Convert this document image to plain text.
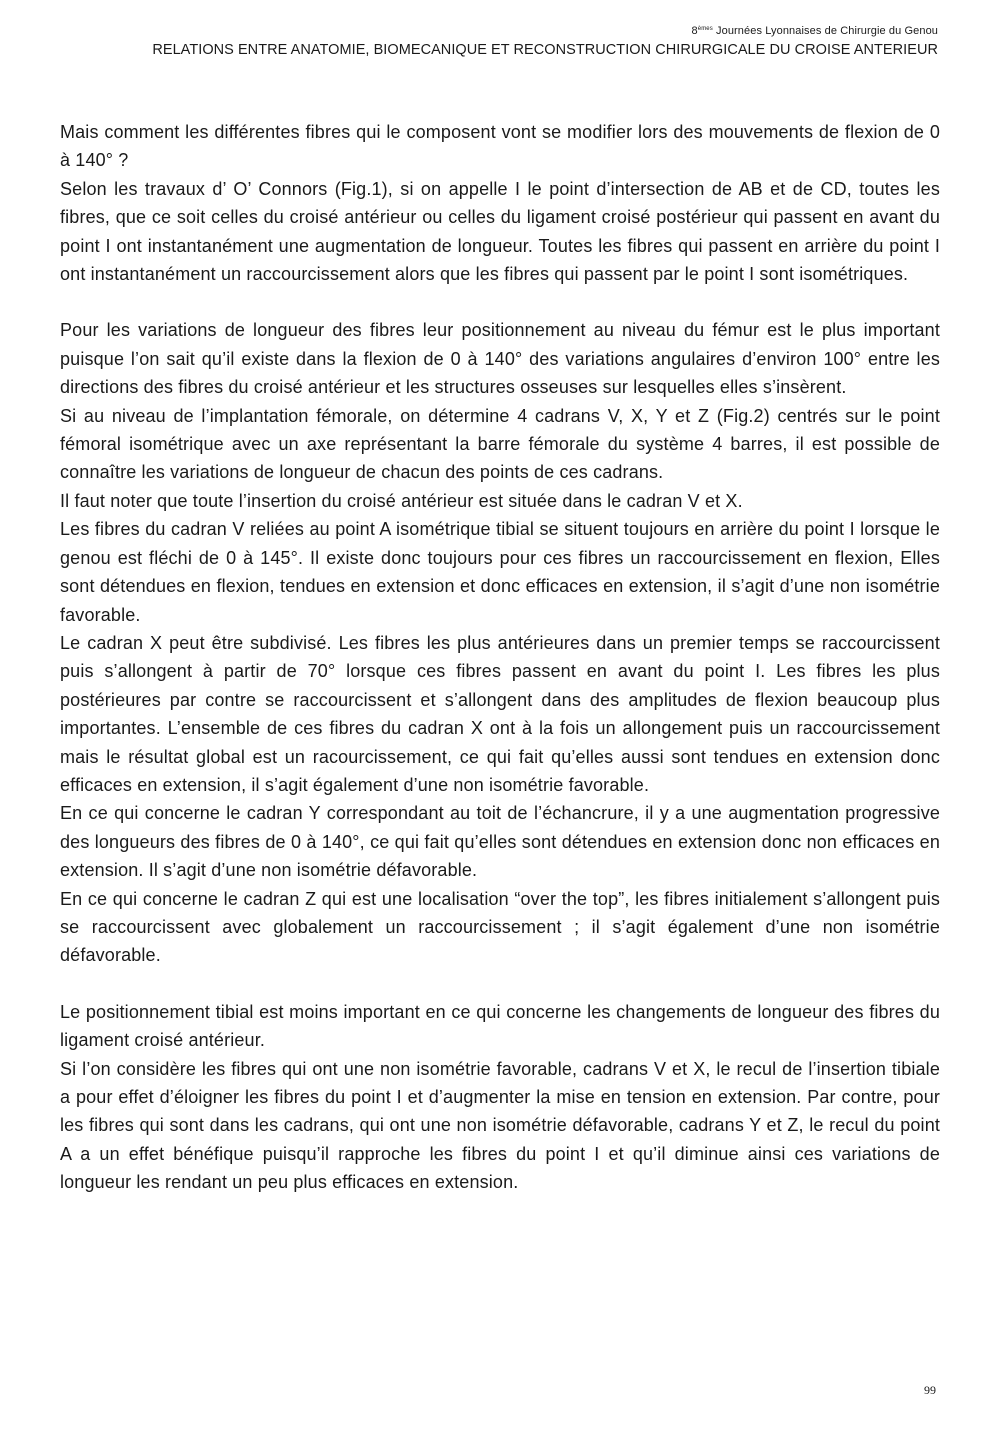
8èmes Journées Lyonnaises de Chirurgie du Genou
RELATIONS ENTRE ANATOMIE, BIOMECANIQUE ET RECONSTRUCTION CHIRURGICALE DU CROISE ANTERIEUR

Mais comment les différentes fibres qui le composent vont se modifier lors des mouvements de flexion de 0 à 140° ?

Selon les travaux d’ O’ Connors (Fig.1), si on appelle I le point d’intersection de AB et de CD, toutes les fibres, que ce soit celles du croisé antérieur ou celles du ligament croisé postérieur qui passent en avant du point I ont instantanément une augmentation de longueur. Toutes les fibres qui passent en arrière du point I ont instantanément un raccourcissement alors que les fibres qui passent par le point I sont isométriques.

Pour les variations de longueur des fibres leur positionnement au niveau du fémur est le plus important puisque l’on sait qu’il existe dans la flexion de 0 à 140° des variations angulaires d’environ 100° entre les directions des fibres du croisé antérieur et les structures osseuses sur lesquelles elles s’insèrent.

Si au niveau de l’implantation fémorale, on détermine 4 cadrans V, X, Y et Z (Fig.2) centrés sur le point fémoral isométrique avec un axe représentant la barre fémorale du système 4 barres, il est possible de connaître les variations de longueur de chacun des points de ces cadrans.

Il faut noter que toute l’insertion du croisé antérieur est située dans le cadran V et X.

Les fibres du cadran V reliées au point A isométrique tibial se situent toujours en arrière du point I lorsque le genou est fléchi de 0 à 145°. Il existe donc toujours pour ces fibres un raccourcissement en flexion, Elles sont détendues en flexion, tendues en extension et donc efficaces en extension, il s’agit d’une non isométrie favorable.

Le cadran X peut être subdivisé. Les fibres les plus antérieures dans un premier temps se raccourcissent puis s’allongent à partir de 70° lorsque ces fibres passent en avant du point I. Les fibres les plus postérieures par contre se raccourcissent et s’allongent dans des amplitudes de flexion beaucoup plus importantes. L’ensemble de ces fibres du cadran X ont à la fois un allongement puis un raccourcissement mais le résultat global est un racourcissement, ce qui fait qu’elles aussi sont tendues en extension donc efficaces en extension, il s’agit également d’une non isométrie favorable.

En ce qui concerne le cadran Y correspondant au toit de l’échancrure, il y a une augmentation progressive des longueurs des fibres de 0 à 140°, ce qui fait qu’elles sont détendues en extension donc non efficaces en extension. Il s’agit d’une non isométrie défavorable.

En ce qui concerne le cadran Z qui est une localisation “over the top”, les fibres initialement s’allongent puis se raccourcissent avec globalement un raccourcissement ; il s’agit également d’une non isométrie défavorable.

Le positionnement tibial est moins important en ce qui concerne les changements de longueur des fibres du ligament croisé antérieur.

Si l’on considère les fibres qui ont une non isométrie favorable, cadrans V et X, le recul de l’insertion tibiale a pour effet d’éloigner les fibres du point I et d’augmenter la mise en tension en extension. Par contre, pour les fibres qui sont dans les cadrans, qui ont une non isométrie défavorable, cadrans Y et Z, le recul du point A a un effet bénéfique puisqu’il rapproche les fibres du point I et qu’il diminue ainsi ces variations de longueur les rendant un peu plus efficaces en extension.

99
